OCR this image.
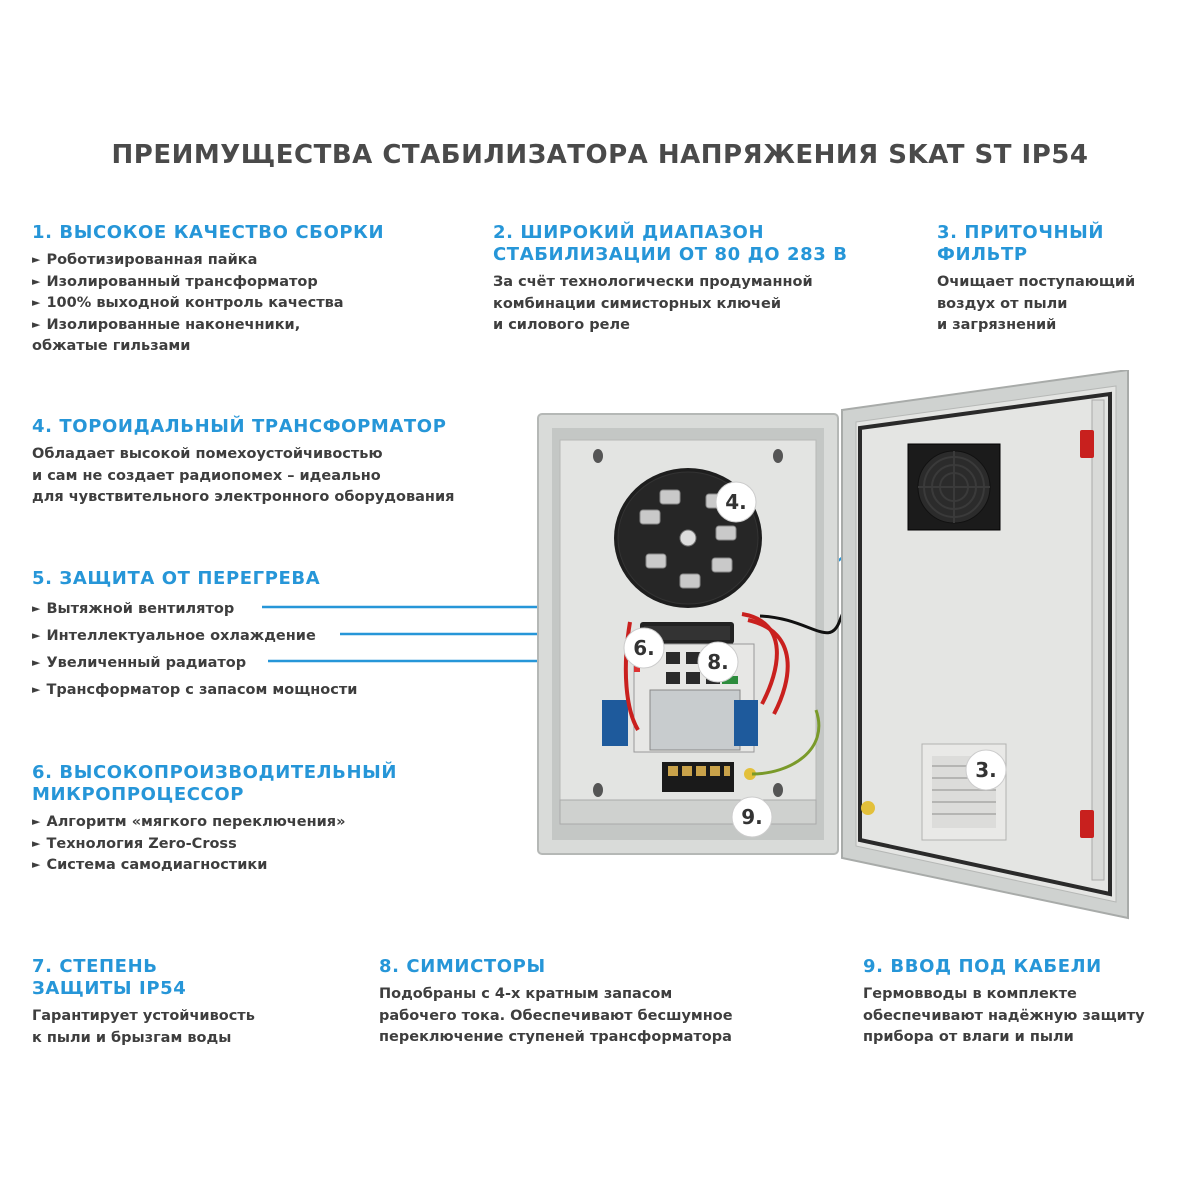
ПРЕИМУЩЕСТВА СТАБИЛИЗАТОРА НАПРЯЖЕНИЯ SKAT ST IP54
1. ВЫСОКОЕ КАЧЕСТВО СБОРКИ
► Роботизированная пайка
► Изолированный трансформатор
► 100% выходной контроль качества
► Изолированные наконечники,
обжатые гильзами
2. ШИРОКИЙ ДИАПАЗОН
СТАБИЛИЗАЦИИ ОТ 80 ДО 283 В

За счёт технологически продуманной
комбинации симисторных ключей
и силового реле

3. ПРИТОЧНЫЙ
ФИЛЬТР

Очищает поступающий
воздух от пыли
и загрязнений

4. ТОРОИДАЛЬНЫЙ ТРАНСФОРМАТОР

Обладает высокой помехоустойчивостью
и сам не создает радиопомех – идеально
для чувствительного электронного оборудования

5. ЗАЩИТА ОТ ПЕРЕГРЕВА
► Вытяжной вентилятор
► Интеллектуальное охлаждение
► Увеличенный радиатор
► Трансформатор с запасом мощности
6. ВЫСОКОПРОИЗВОДИТЕЛЬНЫЙ
МИКРОПРОЦЕССОР
► Алгоритм «мягкого переключения»
► Технология Zero-Cross
► Система самодиагностики
7. СТЕПЕНЬ
ЗАЩИТЫ IP54

Гарантирует устойчивость
к пыли и брызгам воды

8. СИМИСТОРЫ

Подобраны с 4-х кратным запасом
рабочего тока. Обеспечивают бесшумное
переключение ступеней трансформатора

9. ВВОД ПОД КАБЕЛИ

Гермовводы в комплекте
обеспечивают надёжную защиту
прибора от влаги и пыли

4.
6.
8.
9.
3.
